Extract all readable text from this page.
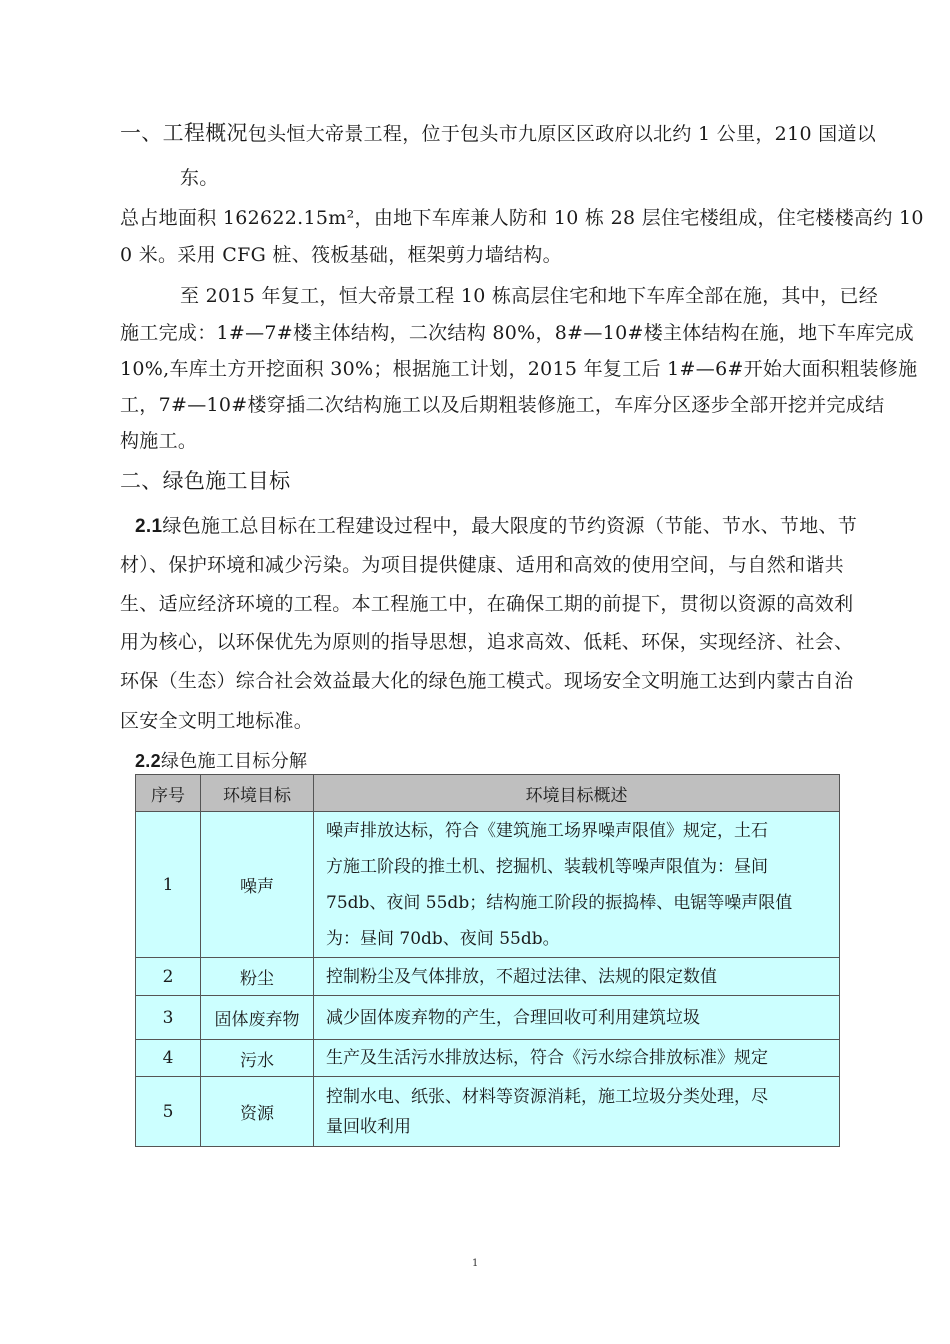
一、工程概况包头恒大帝景工程，位于包头市九原区区政府以北约 1 公里，210 国道以
东。
总占地面积 162622.15m²，由地下车库兼人防和 10 栋 28 层住宅楼组成，住宅楼楼高约 10
0 米。采用 CFG 桩、筏板基础，框架剪力墙结构。
至 2015 年复工，恒大帝景工程 10 栋高层住宅和地下车库全部在施，其中，已经
施工完成：1#—7#楼主体结构，二次结构 80%，8#—10#楼主体结构在施，地下车库完成
10%,车库土方开挖面积 30%；根据施工计划，2015 年复工后 1#—6#开始大面积粗装修施
工，7#—10#楼穿插二次结构施工以及后期粗装修施工，车库分区逐步全部开挖并完成结
构施工。
二、绿色施工目标
2.1绿色施工总目标在工程建设过程中，最大限度的节约资源（节能、节水、节地、节
材）、保护环境和减少污染。为项目提供健康、适用和高效的使用空间，与自然和谐共
生、适应经济环境的工程。本工程施工中，在确保工期的前提下，贯彻以资源的高效利
用为核心，以环保优先为原则的指导思想，追求高效、低耗、环保，实现经济、社会、
环保（生态）综合社会效益最大化的绿色施工模式。现场安全文明施工达到内蒙古自治
区安全文明工地标准。
2.2绿色施工目标分解
序号	环境目标	环境目标概述
1	噪声	噪声排放达标，符合《建筑施工场界噪声限值》规定，土石
方施工阶段的推土机、挖掘机、装载机等噪声限值为：昼间
75db、夜间 55db；结构施工阶段的振捣棒、电锯等噪声限值
为：昼间 70db、夜间 55db。

2	粉尘	控制粉尘及气体排放，不超过法律、法规的限定数值

3	固体废弃物	减少固体废弃物的产生，合理回收可利用建筑垃圾

4	污水	生产及生活污水排放达标，符合《污水综合排放标准》规定

5	资源	控制水电、纸张、材料等资源消耗，施工垃圾分类处理，尽
量回收利用
1
